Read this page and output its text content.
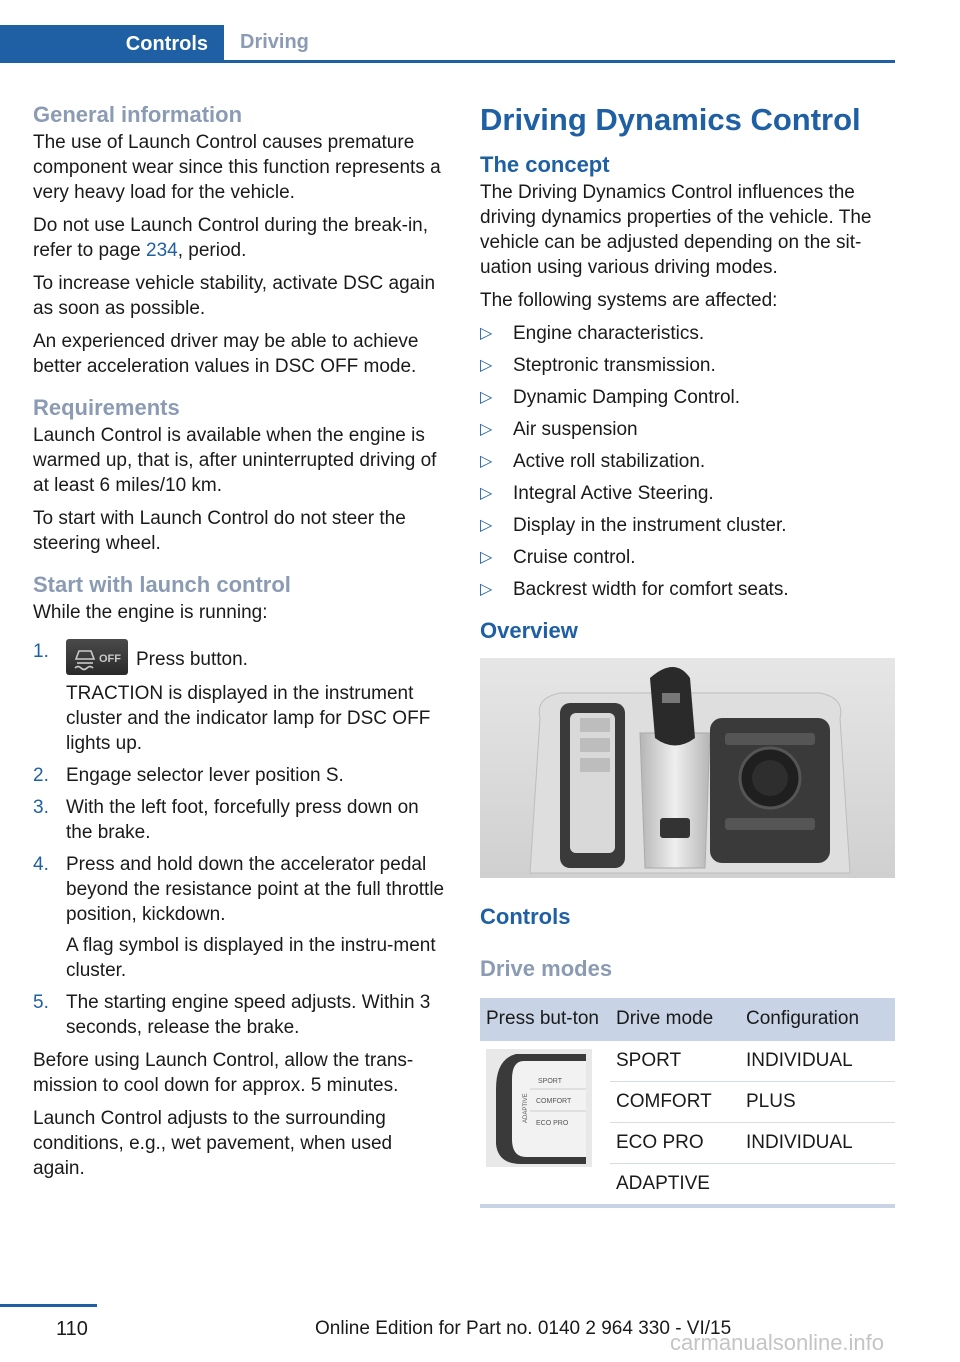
Controls	Driving
General information

The use of Launch Control causes premature component wear since this function represents a very heavy load for the vehicle.

Do not use Launch Control during the break-in, refer to page 234, period.

To increase vehicle stability, activate DSC again as soon as possible.

An experienced driver may be able to achieve better acceleration values in DSC OFF mode.

Requirements

Launch Control is available when the engine is warmed up, that is, after uninterrupted driving of at least 6 miles/10 km.

To start with Launch Control do not steer the steering wheel.

Start with launch control

While the engine is running:

1.	OFF Press button.

TRACTION is displayed in the instrument cluster and the indicator lamp for DSC OFF lights up.

2. Engage selector lever position S.

3. With the left foot, forcefully press down on the brake.

4. Press and hold down the accelerator pedal beyond the resistance point at the full throttle position, kickdown.

A flag symbol is displayed in the instru‐ment cluster.

5. The starting engine speed adjusts. Within 3 seconds, release the brake.

Before using Launch Control, allow the trans‐mission to cool down for approx. 5 minutes.

Launch Control adjusts to the surrounding conditions, e.g., wet pavement, when used again.

Driving Dynamics Control
The concept

The Driving Dynamics Control influences the driving dynamics properties of the vehicle. The vehicle can be adjusted depending on the sit‐uation using various driving modes.

The following systems are affected:

▷ Engine characteristics.
▷ Steptronic transmission.
▷ Dynamic Damping Control.
▷ Air suspension
▷ Active roll stabilization.
▷ Integral Active Steering.
▷ Display in the instrument cluster.
▷ Cruise control.
▷ Backrest width for comfort seats.
Overview
Controls
Drive modes
Press but‐ton	Drive mode	Configuration

SPORT
COMFORT
ECO PRO
ADAPTIVE	SPORT	INDIVIDUAL
	COMFORT	PLUS
	ECO PRO	INDIVIDUAL
	ADAPTIVE	
110	Online Edition for Part no. 0140 2 964 330 - VI/15
carmanualsonline.info
